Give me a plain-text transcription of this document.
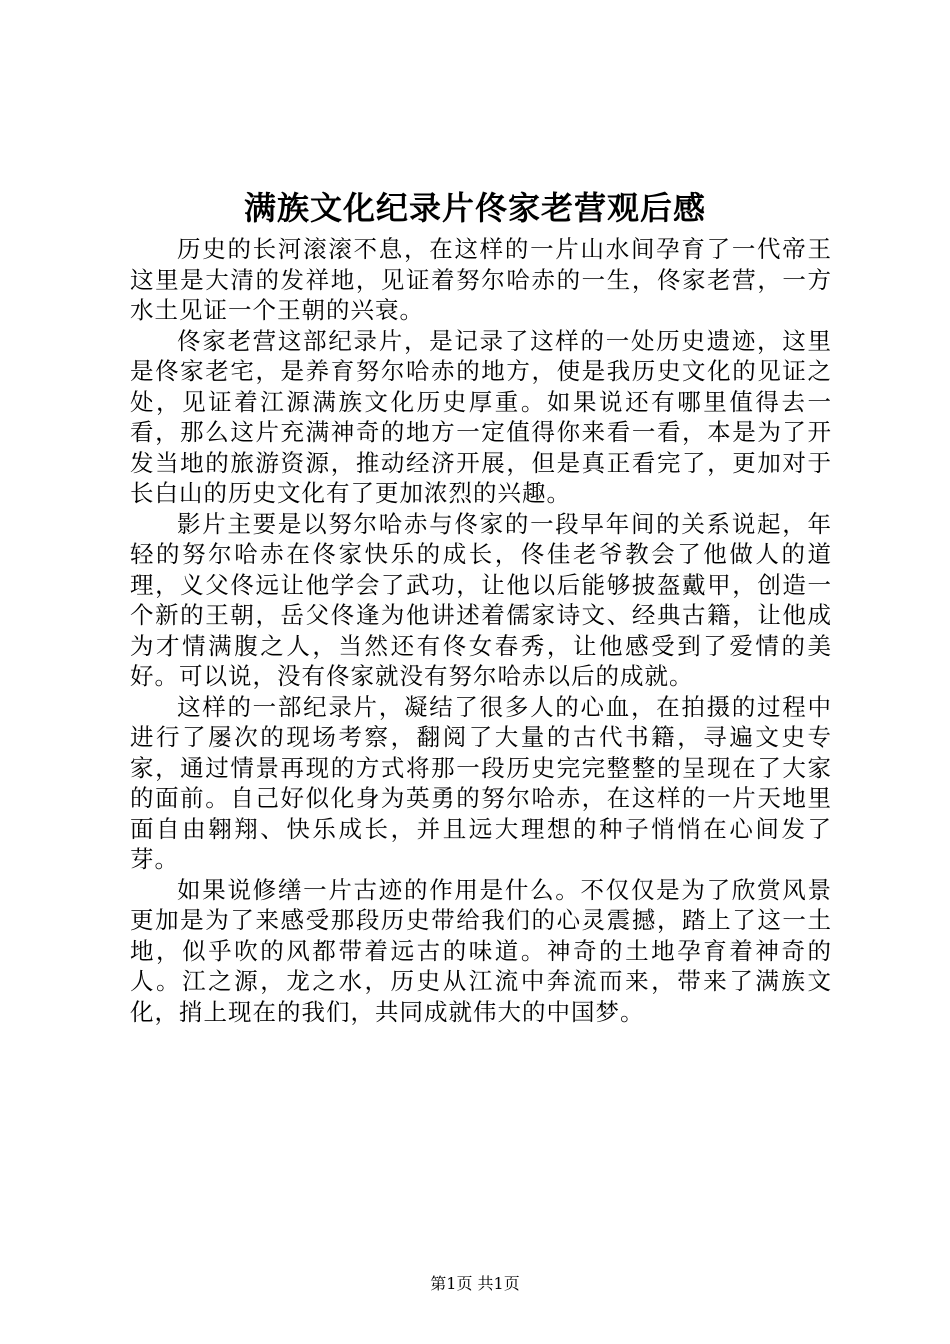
满族文化纪录片佟家老营观后感

历史的长河滚滚不息，在这样的一片山水间孕育了一代帝王这里是大清的发祥地，见证着努尔哈赤的一生，佟家老营，一方水土见证一个王朝的兴衰。

佟家老营这部纪录片，是记录了这样的一处历史遗迹，这里是佟家老宅，是养育努尔哈赤的地方，使是我历史文化的见证之处，见证着江源满族文化历史厚重。如果说还有哪里值得去一看，那么这片充满神奇的地方一定值得你来看一看，本是为了开发当地的旅游资源，推动经济开展，但是真正看完了，更加对于长白山的历史文化有了更加浓烈的兴趣。

影片主要是以努尔哈赤与佟家的一段早年间的关系说起，年轻的努尔哈赤在佟家快乐的成长，佟佳老爷教会了他做人的道理，义父佟远让他学会了武功，让他以后能够披盔戴甲，创造一个新的王朝，岳父佟逢为他讲述着儒家诗文、经典古籍，让他成为才情满腹之人，当然还有佟女春秀，让他感受到了爱情的美好。可以说，没有佟家就没有努尔哈赤以后的成就。

这样的一部纪录片，凝结了很多人的心血，在拍摄的过程中进行了屡次的现场考察，翻阅了大量的古代书籍，寻遍文史专家，通过情景再现的方式将那一段历史完完整整的呈现在了大家的面前。自己好似化身为英勇的努尔哈赤，在这样的一片天地里面自由翱翔、快乐成长，并且远大理想的种子悄悄在心间发了芽。

如果说修缮一片古迹的作用是什么。不仅仅是为了欣赏风景更加是为了来感受那段历史带给我们的心灵震撼，踏上了这一土地，似乎吹的风都带着远古的味道。神奇的土地孕育着神奇的人。江之源，龙之水，历史从江流中奔流而来，带来了满族文化，捎上现在的我们，共同成就伟大的中国梦。

第1页 共1页
